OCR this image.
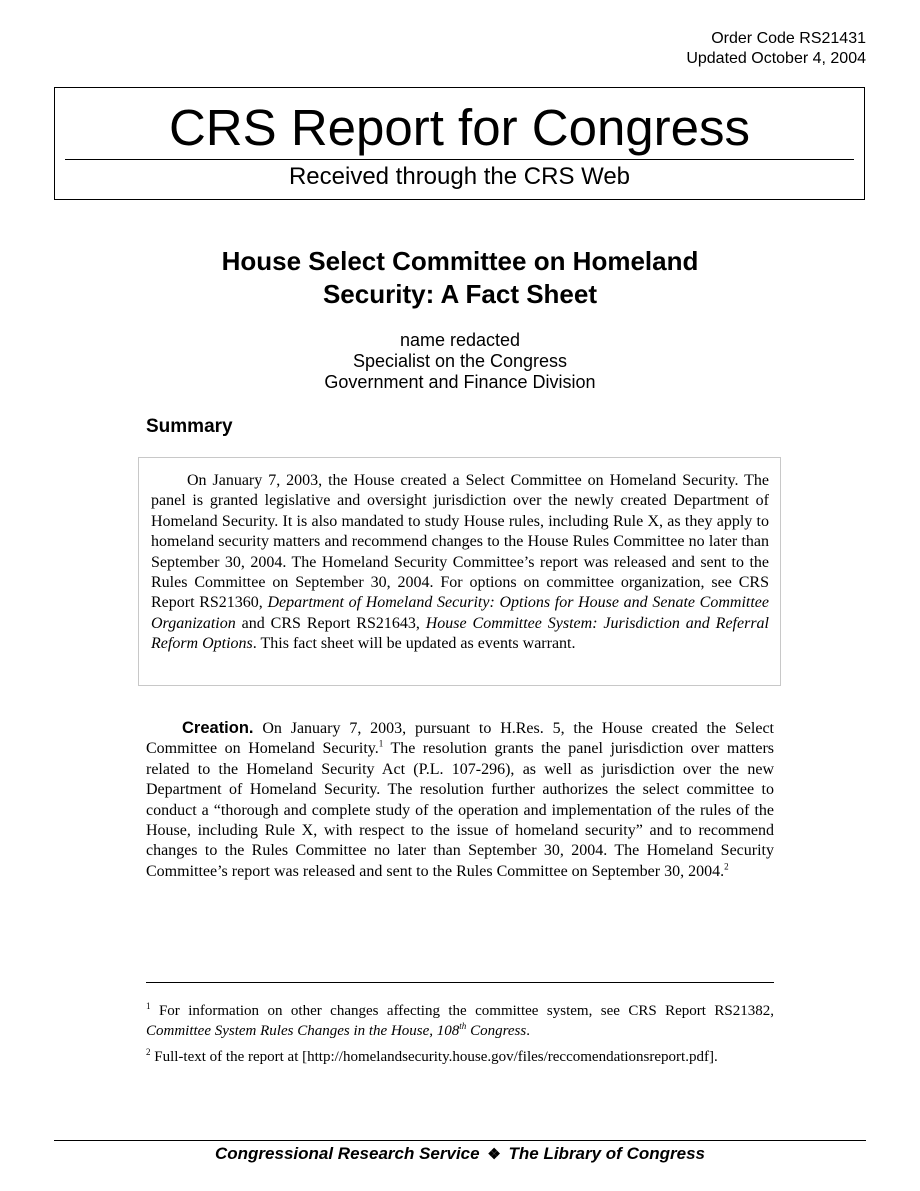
Order Code RS21431
Updated October 4, 2004
CRS Report for Congress
Received through the CRS Web
House Select Committee on Homeland
Security: A Fact Sheet
name redacted
Specialist on the Congress
Government and Finance Division
Summary

On January 7, 2003, the House created a Select Committee on Homeland Security. The panel is granted legislative and oversight jurisdiction over the newly created Department of Homeland Security. It is also mandated to study House rules, including Rule X, as they apply to homeland security matters and recommend changes to the House Rules Committee no later than September 30, 2004. The Homeland Security Committee’s report was released and sent to the Rules Committee on September 30, 2004. For options on committee organization, see CRS Report RS21360, Department of Homeland Security: Options for House and Senate Committee Organization and CRS Report RS21643, House Committee System: Jurisdiction and Referral Reform Options. This fact sheet will be updated as events warrant.

Creation. On January 7, 2003, pursuant to H.Res. 5, the House created the Select Committee on Homeland Security.$^1$ The resolution grants the panel jurisdiction over matters related to the Homeland Security Act (P.L. 107-296), as well as jurisdiction over the new Department of Homeland Security. The resolution further authorizes the select committee to conduct a “thorough and complete study of the operation and implementation of the rules of the House, including Rule X, with respect to the issue of homeland security” and to recommend changes to the Rules Committee no later than September 30, 2004. The Homeland Security Committee’s report was released and sent to the Rules Committee on September 30, 2004.$^2$

$^1$ For information on other changes affecting the committee system, see CRS Report RS21382, Committee System Rules Changes in the House, 108th Congress.

$^2$ Full-text of the report at [http://homelandsecurity.house.gov/files/reccomendationsreport.pdf].

Congressional Research Service ❖ The Library of Congress
